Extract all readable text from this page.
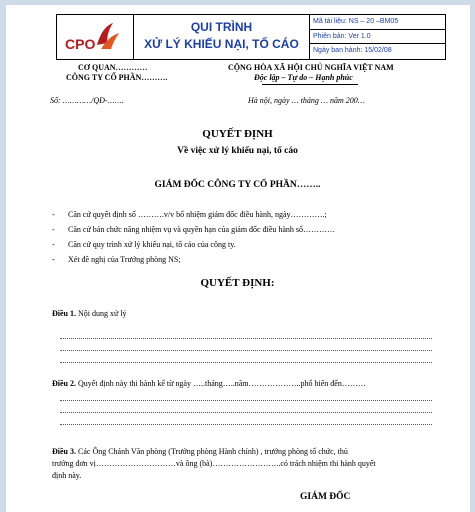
CPO
QUI TRÌNH
XỬ LÝ KHIẾU NẠI, TỐ CÁO
Mã tài liệu: NS – 20 –BM05
Phiên bản: Ver 1.0
Ngày ban hành: 15/02/08
CƠ QUAN…………
CÔNG TY CỔ PHẦN……….
Số: …………/QĐ-…….
CỘNG HÒA XÃ HỘI CHỦ NGHĨA VIỆT NAM
Độc lập – Tự do – Hạnh phúc
Hà nội, ngày … tháng … năm 200…
QUYẾT ĐỊNH
Về việc xử lý khiếu nại, tố cáo
GIÁM ĐỐC CÔNG TY CỔ PHẦN……..
- Căn cứ quyết định số ……….v/v bổ nhiệm giám đốc điều hành, ngày………….;
- Căn cứ bản chức năng nhiệm vụ và quyền hạn của giám đốc điều hành số…………
- Căn cứ quy trình xử lý khiếu nại, tố cáo của công ty.
- Xét đề nghị của Trưởng phòng NS;
QUYẾT ĐỊNH:
Điều 1. Nội dung xử lý
Điều 2. Quyết định này thi hành kể từ ngày …..tháng…..năm………………..phổ biến đến………
Điều 3. Các Ông Chánh Văn phòng (Trưởng phòng Hành chính) , trưởng phòng tổ chức, thủ
trưởng đơn vị…………………………và ông (bà)……………………..có trách nhiệm thi hành quyết
định này.
GIÁM ĐỐC
